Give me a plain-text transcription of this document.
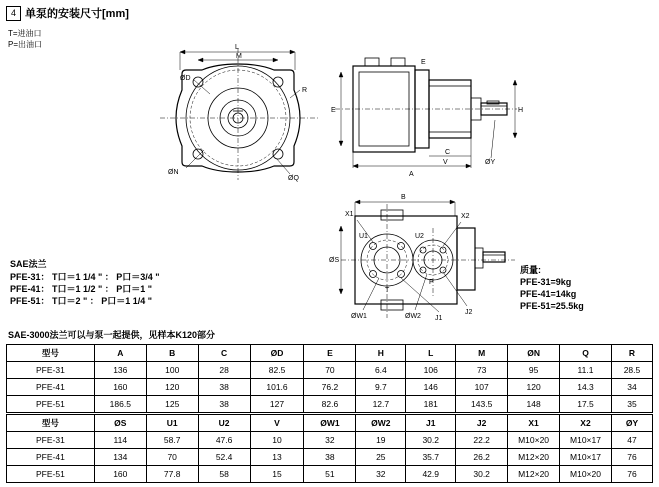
4 单泵的安装尺寸[mm]
T=进油口
P=出油口	L
M
ØN
ØQ
ØD
R
A
C
V	ØY
E
E
H
B
ØS
U1	U2
T
P
ØW1	ØW2 J1
J2
X1	X2
SAE法兰
PFE-31： T口＝1 1/4 " ： P口＝3/4 "
PFE-41： T口＝1 1/2 " ： P口＝1 "
PFE-51： T口＝2 " ： P口＝1 1/4 "
质量:
PFE-31=9kg
PFE-41=14kg
PFE-51=25.5kg
SAE-3000法兰可以与泵一起提供，见样本K120部分
型号	A	B	C	ØD	E	H	L	M	ØN	Q	R
PFE-31	136	100	28	82.5	70	6.4	106	73	95	11.1	28.5
PFE-41	160	120	38	101.6	76.2	9.7	146	107	120	14.3	34
PFE-51	186.5	125	38	127	82.6	12.7	181	143.5	148	17.5	35
型号	ØS	U1	U2	V	ØW1	ØW2	J1	J2	X1	X2	ØY
PFE-31	114	58.7	47.6	10	32	19	30.2	22.2	M10×20	M10×17	47
PFE-41	134	70	52.4	13	38	25	35.7	26.2	M12×20	M10×17	76
PFE-51	160	77.8	58	15	51	32	42.9	30.2	M12×20	M10×20	76
